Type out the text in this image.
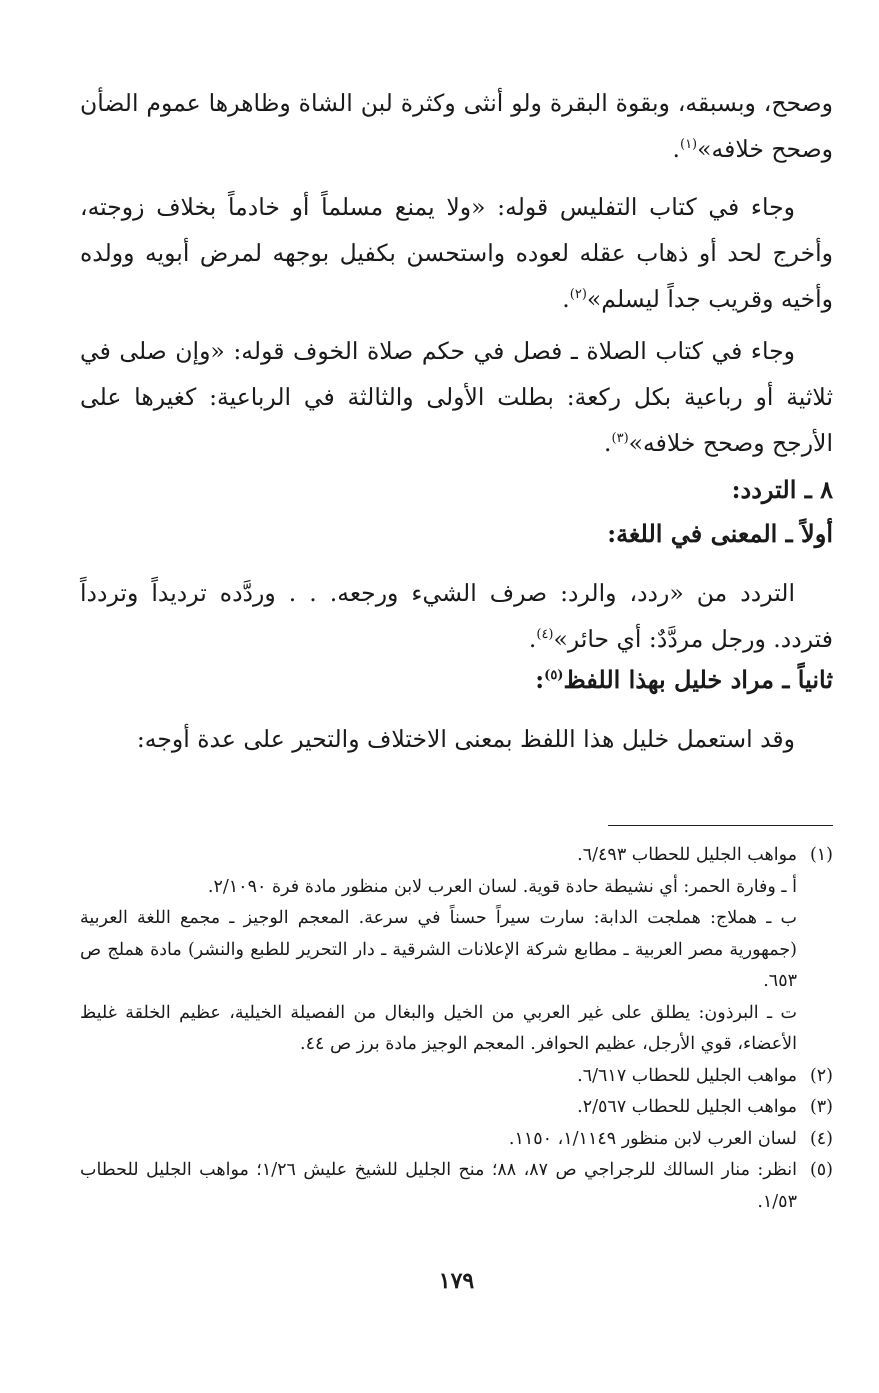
وصحح، وبسبقه، وبقوة البقرة ولو أنثى وكثرة لبن الشاة وظاهرها عموم الضأن وصحح خلافه»$^{(١)}$.

وجاء في كتاب التفليس قوله: «ولا يمنع مسلماً أو خادماً بخلاف زوجته، وأخرج لحد أو ذهاب عقله لعوده واستحسن بكفيل بوجهه لمرض أبويه وولده وأخيه وقريب جداً ليسلم»$^{(٢)}$.

وجاء في كتاب الصلاة ـ فصل في حكم صلاة الخوف قوله: «وإن صلى في ثلاثية أو رباعية بكل ركعة: بطلت الأولى والثالثة في الرباعية: كغيرها على الأرجح وصحح خلافه»$^{(٣)}$.

٨ ـ التردد:
أولاً ـ المعنى في اللغة:

التردد من «ردد، والرد: صرف الشيء ورجعه. . . وردَّده ترديداً وتردداً فتردد. ورجل مردَّدٌ: أي حائر»$^{(٤)}$.

ثانياً ـ مراد خليل بهذا اللفظ$^{(٥)}$:

وقد استعمل خليل هذا اللفظ بمعنى الاختلاف والتحير على عدة أوجه:

(١)
مواهب الجليل للحطاب ٦/٤٩٣.
أ ـ وفارة الحمر: أي نشيطة حادة قوية. لسان العرب لابن منظور مادة فرة ٢/١٠٩٠.
ب ـ هملاج: هملجت الدابة: سارت سيراً حسناً في سرعة. المعجم الوجيز ـ مجمع اللغة العربية (جمهورية مصر العربية ـ مطابع شركة الإعلانات الشرقية ـ دار التحرير للطبع والنشر) مادة هملج ص ٦٥٣.
ت ـ البرذون: يطلق على غير العربي من الخيل والبغال من الفصيلة الخيلية، عظيم الخلقة غليظ الأعضاء، قوي الأرجل، عظيم الحوافر. المعجم الوجيز مادة برز ص ٤٤.
(٢)
مواهب الجليل للحطاب ٦/٦١٧.
(٣)
مواهب الجليل للحطاب ٢/٥٦٧.
(٤)
لسان العرب لابن منظور ١/١١٤٩، ١١٥٠.
(٥)
انظر: منار السالك للرجراجي ص ٨٧، ٨٨؛ منح الجليل للشيخ عليش ١/٢٦؛ مواهب الجليل للحطاب ١/٥٣.
١٧٩
